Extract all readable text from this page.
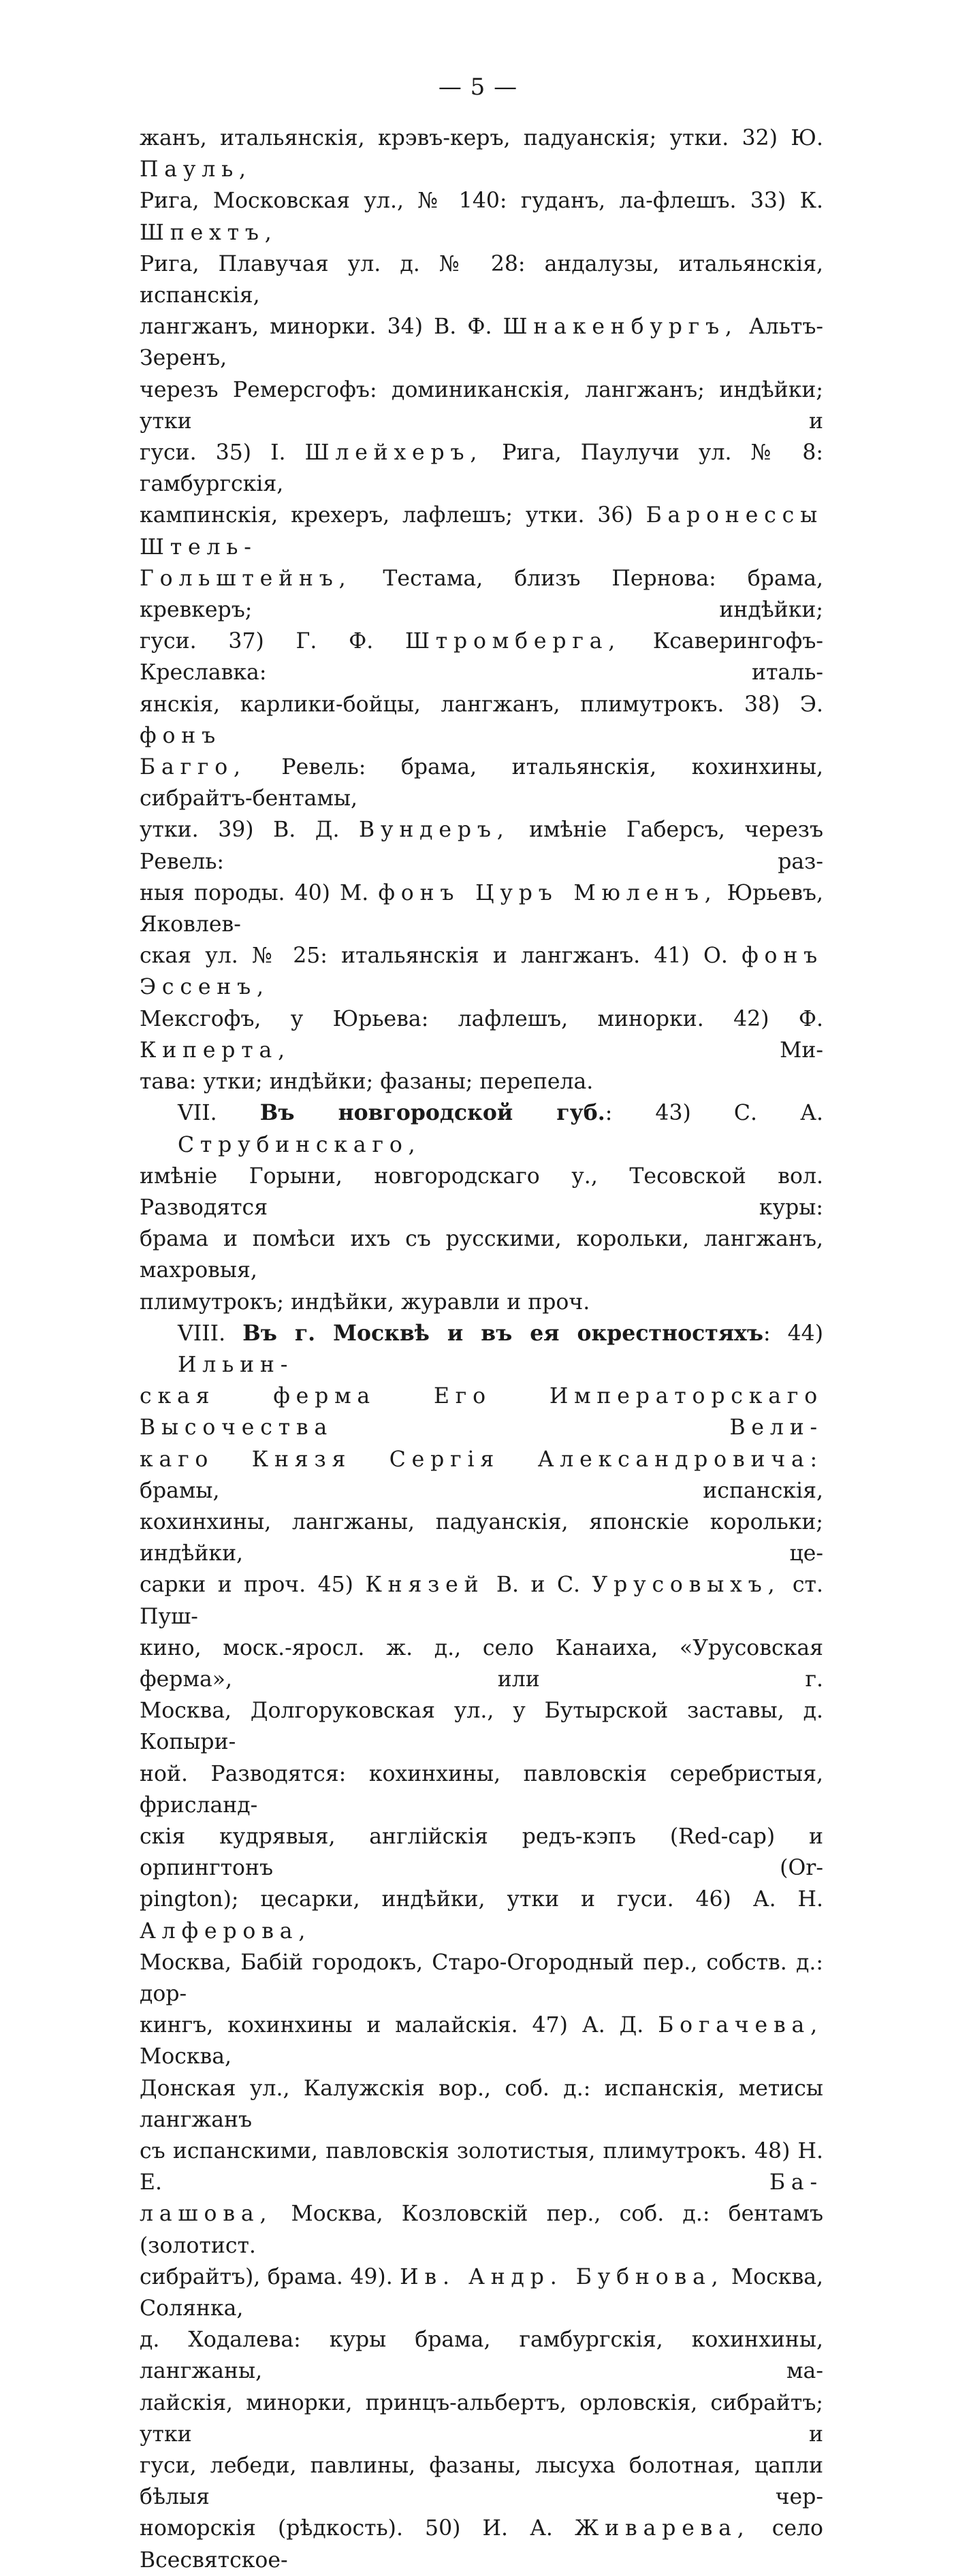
— 5 —

жанъ, итальянскія, крэвъ-керъ, падуанскія; утки. 32) Ю. Пауль,

Рига, Московская ул., № 140: гуданъ, ла-флешъ. 33) К. Шпехтъ,

Рига, Плавучая ул. д. № 28: андалузы, итальянскія, испанскія,

лангжанъ, минорки. 34) В. Ф. Шнакенбургъ, Альтъ-Зеренъ,

черезъ Ремерсгофъ: доминиканскія, лангжанъ; индѣйки; утки и

гуси. 35) I. Шлейхеръ, Рига, Паулучи ул. № 8: гамбургскія,

кампинскія, крехеръ, лафлешъ; утки. 36) Баронессы Штель-

Гольштейнъ, Тестама, близъ Пернова: брама, кревкеръ; индѣйки;

гуси. 37) Г. Ф. Штромберга, Ксаверингофъ-Креславка: италь-

янскія, карлики-бойцы, лангжанъ, плимутрокъ. 38) Э. фонъ

Багго, Ревель: брама, итальянскія, кохинхины, сибрайтъ-бентамы,

утки. 39) В. Д. Вундеръ, имѣніе Габерсъ, черезъ Ревель: раз-

ныя породы. 40) М. фонъ Цуръ Мюленъ, Юрьевъ, Яковлев-

ская ул. № 25: итальянскія и лангжанъ. 41) О. фонъ Эссенъ,

Мексгофъ, у Юрьева: лафлешъ, минорки. 42) Ф. Киперта, Ми-

тава: утки; индѣйки; фазаны; перепела.

VII. Въ новгородской губ.: 43) С. А. Струбинскаго,

имѣніе Горыни, новгородскаго у., Тесовской вол. Разводятся куры:

брама и помѣси ихъ съ русскими, корольки, лангжанъ, махровыя,

плимутрокъ; индѣйки, журавли и проч.

VIII. Въ г. Москвѣ и въ ея окрестностяхъ: 44) Ильин-

ская ферма Его Императорскаго Высочества Вели-

каго Князя Сергія Александровича: брамы, испанскія,

кохинхины, лангжаны, падуанскія, японскіе корольки; индѣйки, це-

сарки и проч. 45) Князей В. и С. Урусовыхъ, ст. Пуш-

кино, моск.-яросл. ж. д., село Канаиха, «Урусовская ферма», или г.

Москва, Долгоруковская ул., у Бутырской заставы, д. Копыри-

ной. Разводятся: кохинхины, павловскія серебристыя, фрисланд-

скія кудрявыя, англійскія редъ-кэпъ (Red-cap) и орпингтонъ (Or-

pington); цесарки, индѣйки, утки и гуси. 46) А. Н. Алферова,

Москва, Бабій городокъ, Старо-Огородный пер., собств. д.: дор-

кингъ, кохинхины и малайскія. 47) А. Д. Богачева, Москва,

Донская ул., Калужскія вор., соб. д.: испанскія, метисы лангжанъ

съ испанскими, павловскія золотистыя, плимутрокъ. 48) Н. Е. Ба-

лашова, Москва, Козловскій пер., соб. д.: бентамъ (золотист.

сибрайтъ), брама. 49). Ив. Андр. Бубнова, Москва, Солянка,

д. Ходалева: куры брама, гамбургскія, кохинхины, лангжаны, ма-

лайскія, минорки, принцъ-альбертъ, орловскія, сибрайтъ; утки и

гуси, лебеди, павлины, фазаны, лысуха болотная, цапли бѣлыя чер-

номорскія (рѣдкость). 50) И. А. Живарева, село Всесвятское-
